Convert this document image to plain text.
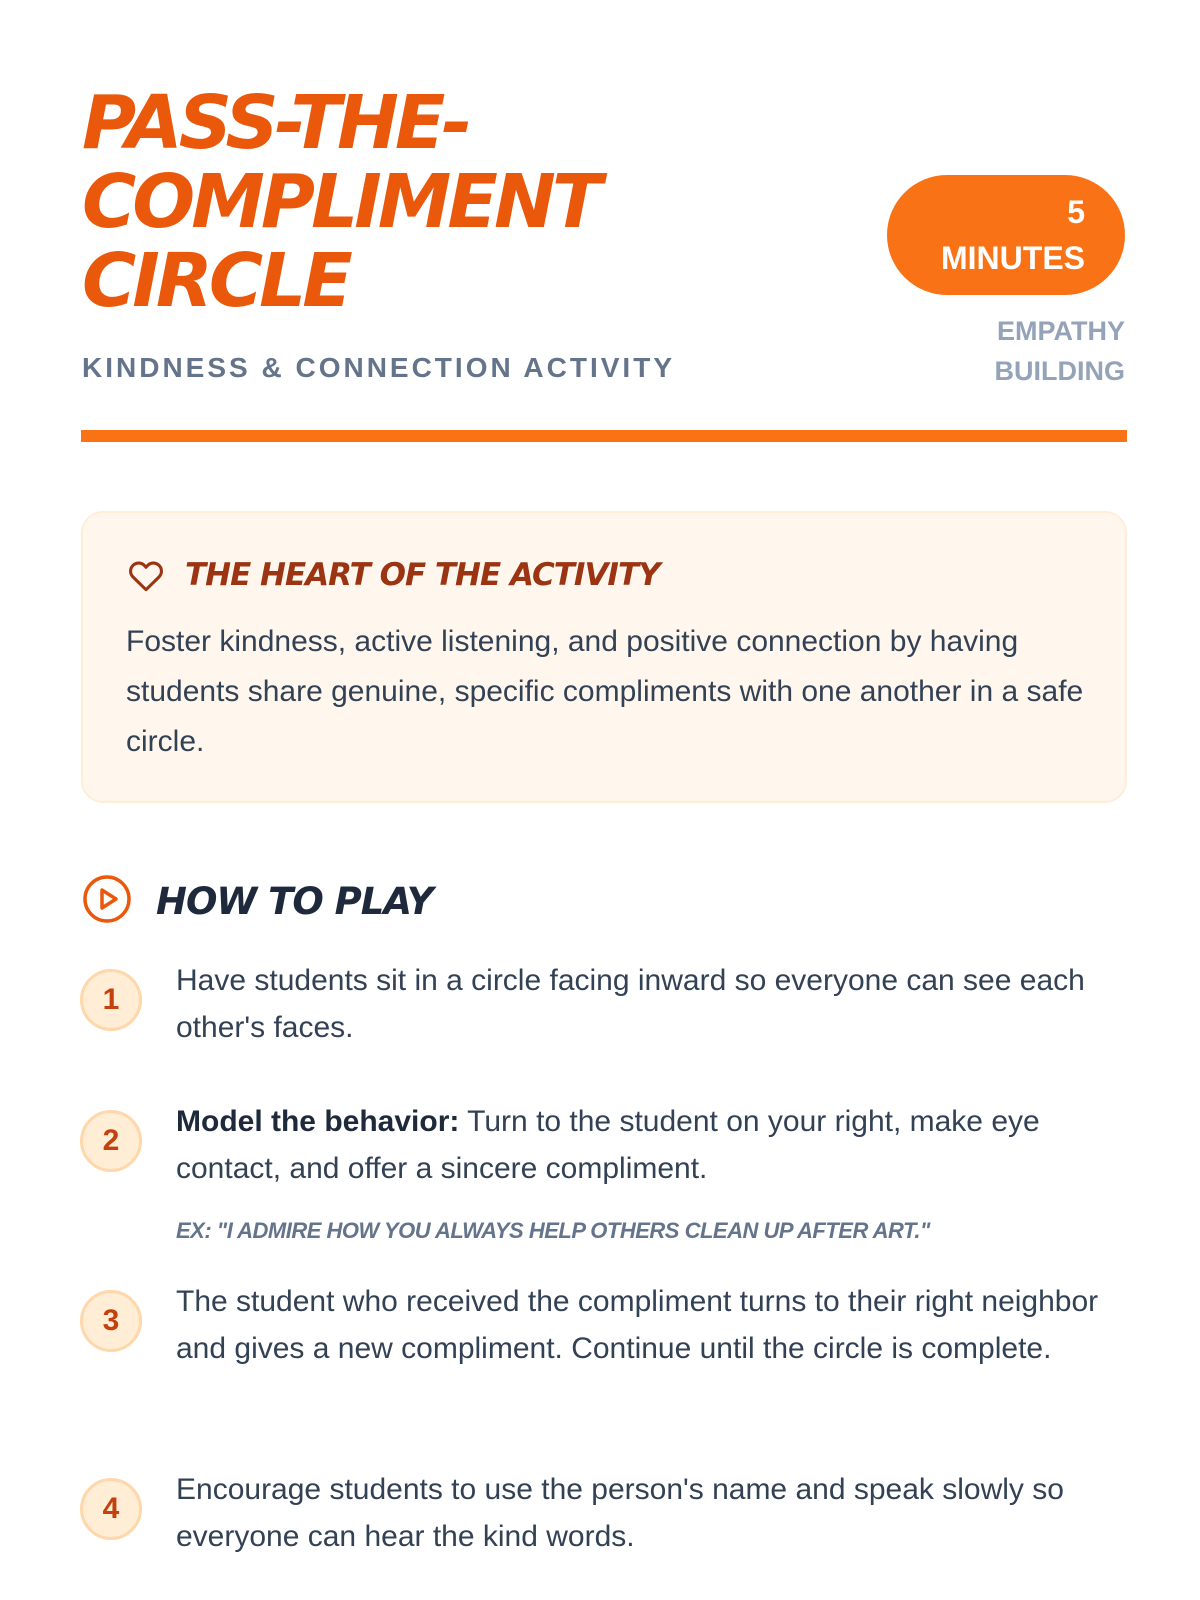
PASS-THE-
COMPLIMENT
CIRCLE
KINDNESS & CONNECTION ACTIVITY
5
MINUTES
EMPATHY
BUILDING
THE HEART OF THE ACTIVITY

Foster kindness, active listening, and positive connection by having students share genuine, specific compliments with one another in a safe circle.

HOW TO PLAY
1

Have students sit in a circle facing inward so everyone can see each other's faces.

2

Model the behavior: Turn to the student on your right, make eye contact, and offer a sincere compliment.

EX: "I ADMIRE HOW YOU ALWAYS HELP OTHERS CLEAN UP AFTER ART."
3

The student who received the compliment turns to their right neighbor and gives a new compliment. Continue until the circle is complete.

4

Encourage students to use the person's name and speak slowly so everyone can hear the kind words.
